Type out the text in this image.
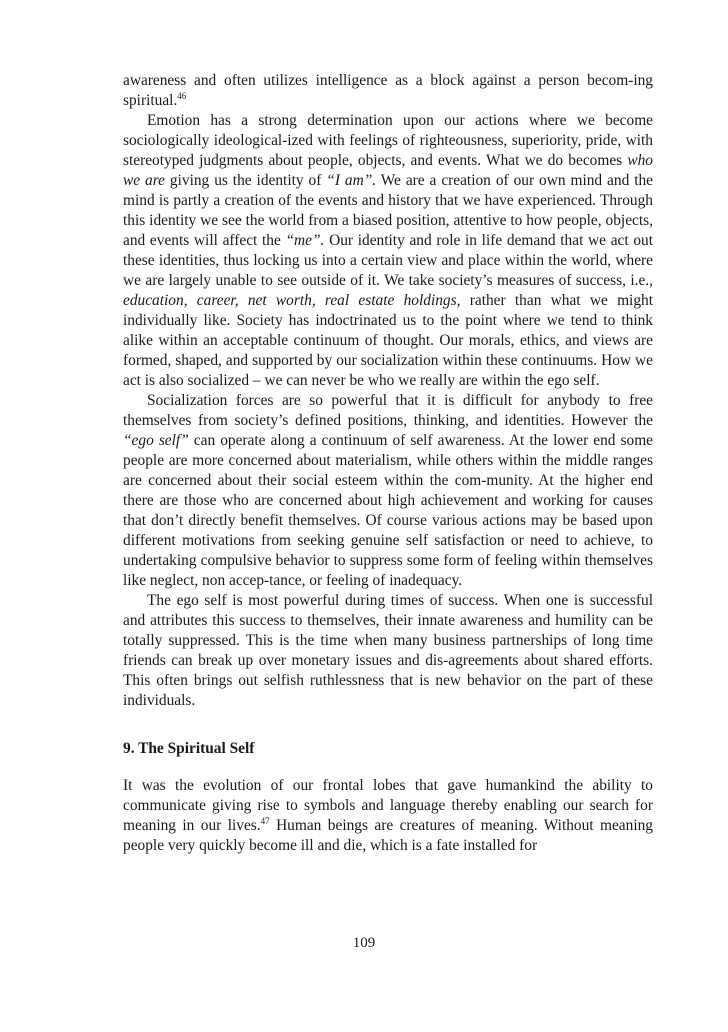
awareness and often utilizes intelligence as a block against a person becom-ing spiritual.$^{46}$

Emotion has a strong determination upon our actions where we become sociologically ideological-ized with feelings of righteousness, superiority, pride, with stereotyped judgments about people, objects, and events. What we do becomes who we are giving us the identity of “I am”. We are a creation of our own mind and the mind is partly a creation of the events and history that we have experienced. Through this identity we see the world from a biased position, attentive to how people, objects, and events will affect the “me”. Our identity and role in life demand that we act out these identities, thus locking us into a certain view and place within the world, where we are largely unable to see outside of it. We take society’s measures of success, i.e., education, career, net worth, real estate holdings, rather than what we might individually like. Society has indoctrinated us to the point where we tend to think alike within an acceptable continuum of thought. Our morals, ethics, and views are formed, shaped, and supported by our socialization within these continuums. How we act is also socialized – we can never be who we really are within the ego self.

Socialization forces are so powerful that it is difficult for anybody to free themselves from society’s defined positions, thinking, and identities. However the “ego self” can operate along a continuum of self awareness. At the lower end some people are more concerned about materialism, while others within the middle ranges are concerned about their social esteem within the com-munity. At the higher end there are those who are concerned about high achievement and working for causes that don’t directly benefit themselves. Of course various actions may be based upon different motivations from seeking genuine self satisfaction or need to achieve, to undertaking compulsive behavior to suppress some form of feeling within themselves like neglect, non accep-tance, or feeling of inadequacy.

The ego self is most powerful during times of success. When one is successful and attributes this success to themselves, their innate awareness and humility can be totally suppressed. This is the time when many business partnerships of long time friends can break up over monetary issues and dis-agreements about shared efforts. This often brings out selfish ruthlessness that is new behavior on the part of these individuals.

9. The Spiritual Self

It was the evolution of our frontal lobes that gave humankind the ability to communicate giving rise to symbols and language thereby enabling our search for meaning in our lives.$^{47}$ Human beings are creatures of meaning. Without meaning people very quickly become ill and die, which is a fate installed for

109
